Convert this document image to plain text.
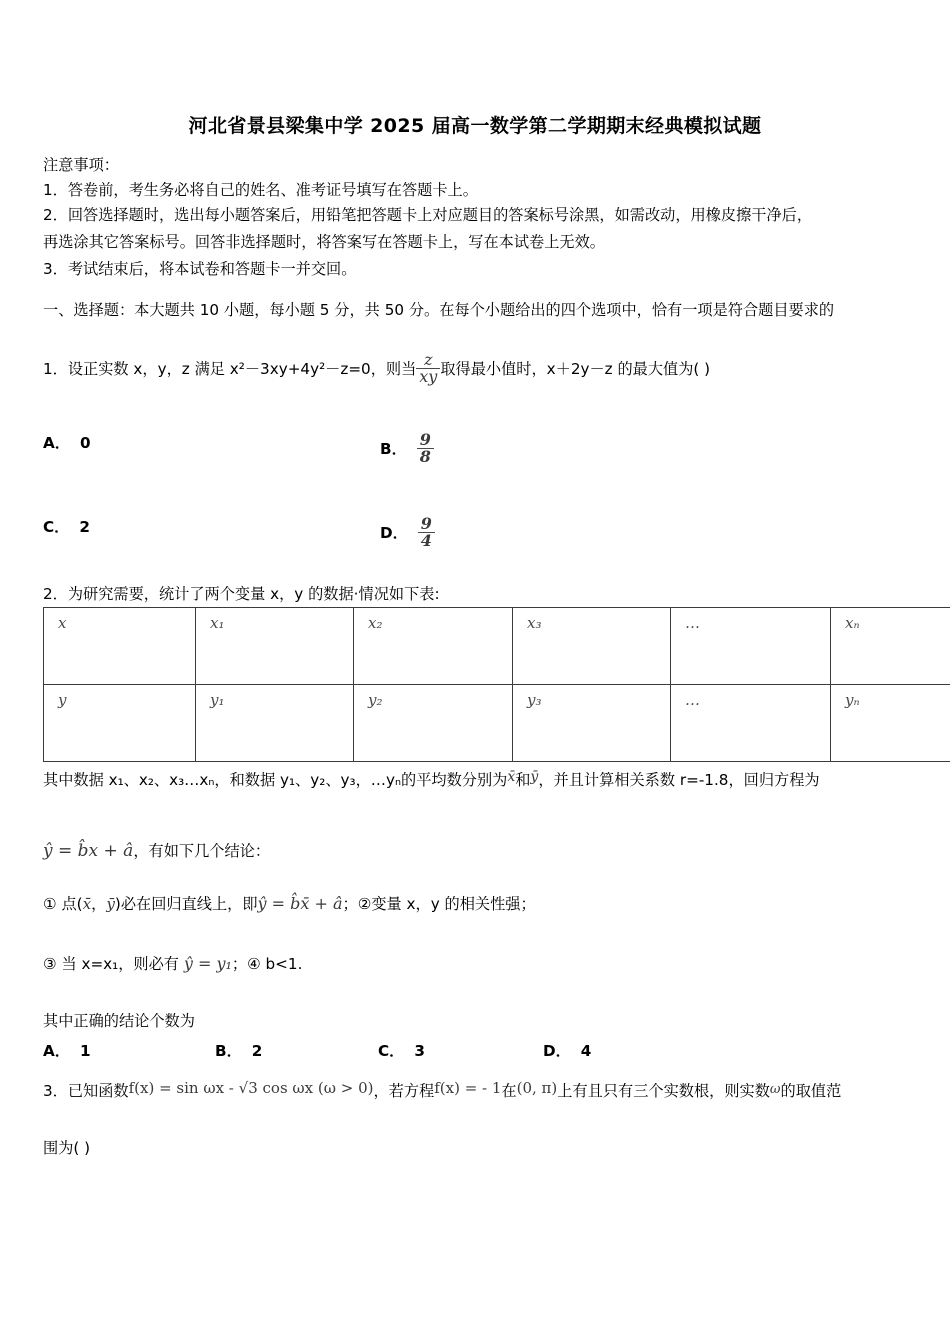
河北省景县梁集中学 2025 届高一数学第二学期期末经典模拟试题
注意事项：
1．答卷前，考生务必将自己的姓名、准考证号填写在答题卡上。
2．回答选择题时，选出每小题答案后，用铅笔把答题卡上对应题目的答案标号涂黑，如需改动，用橡皮擦干净后，
再选涂其它答案标号。回答非选择题时，将答案写在答题卡上，写在本试卷上无效。
3．考试结束后，将本试卷和答题卡一并交回。
一、选择题：本大题共 10 小题，每小题 5 分，共 50 分。在每个小题给出的四个选项中，恰有一项是符合题目要求的
1．设正实数 x，y，z 满足 x²－3xy+4y²－z=0，则当 $\frac{z}{xy}$ 取得最小值时，x＋2y－z 的最大值为( )
A． 0	B． $\frac{9}{8}$
C． 2	D． $\frac{9}{4}$
2．为研究需要，统计了两个变量 x，y 的数据·情况如下表:
x	x₁	x₂	x₃	…	xₙ
y	y₁	y₂	y₃	…	yₙ
其中数据 x₁、x₂、x₃…xₙ，和数据 y₁、y₂、y₃，…yₙ的平均数分别为x̄和ȳ，并且计算相关系数 r=-1.8，回归方程为
ŷ = b̂x + â，有如下几个结论：
① 点(x̄，ȳ)必在回归直线上，即ŷ = b̂x̄ + â；②变量 x，y 的相关性强；
③ 当 x=x₁，则必有 ŷ = y₁；④ b<1.
其中正确的结论个数为
A． 1	B． 2	C． 3	D． 4
3．已知函数f(x) = sin ωx - √3 cos ωx (ω > 0)，若方程f(x) = - 1在(0, π)上有且只有三个实数根，则实数ω的取值范
围为( )
